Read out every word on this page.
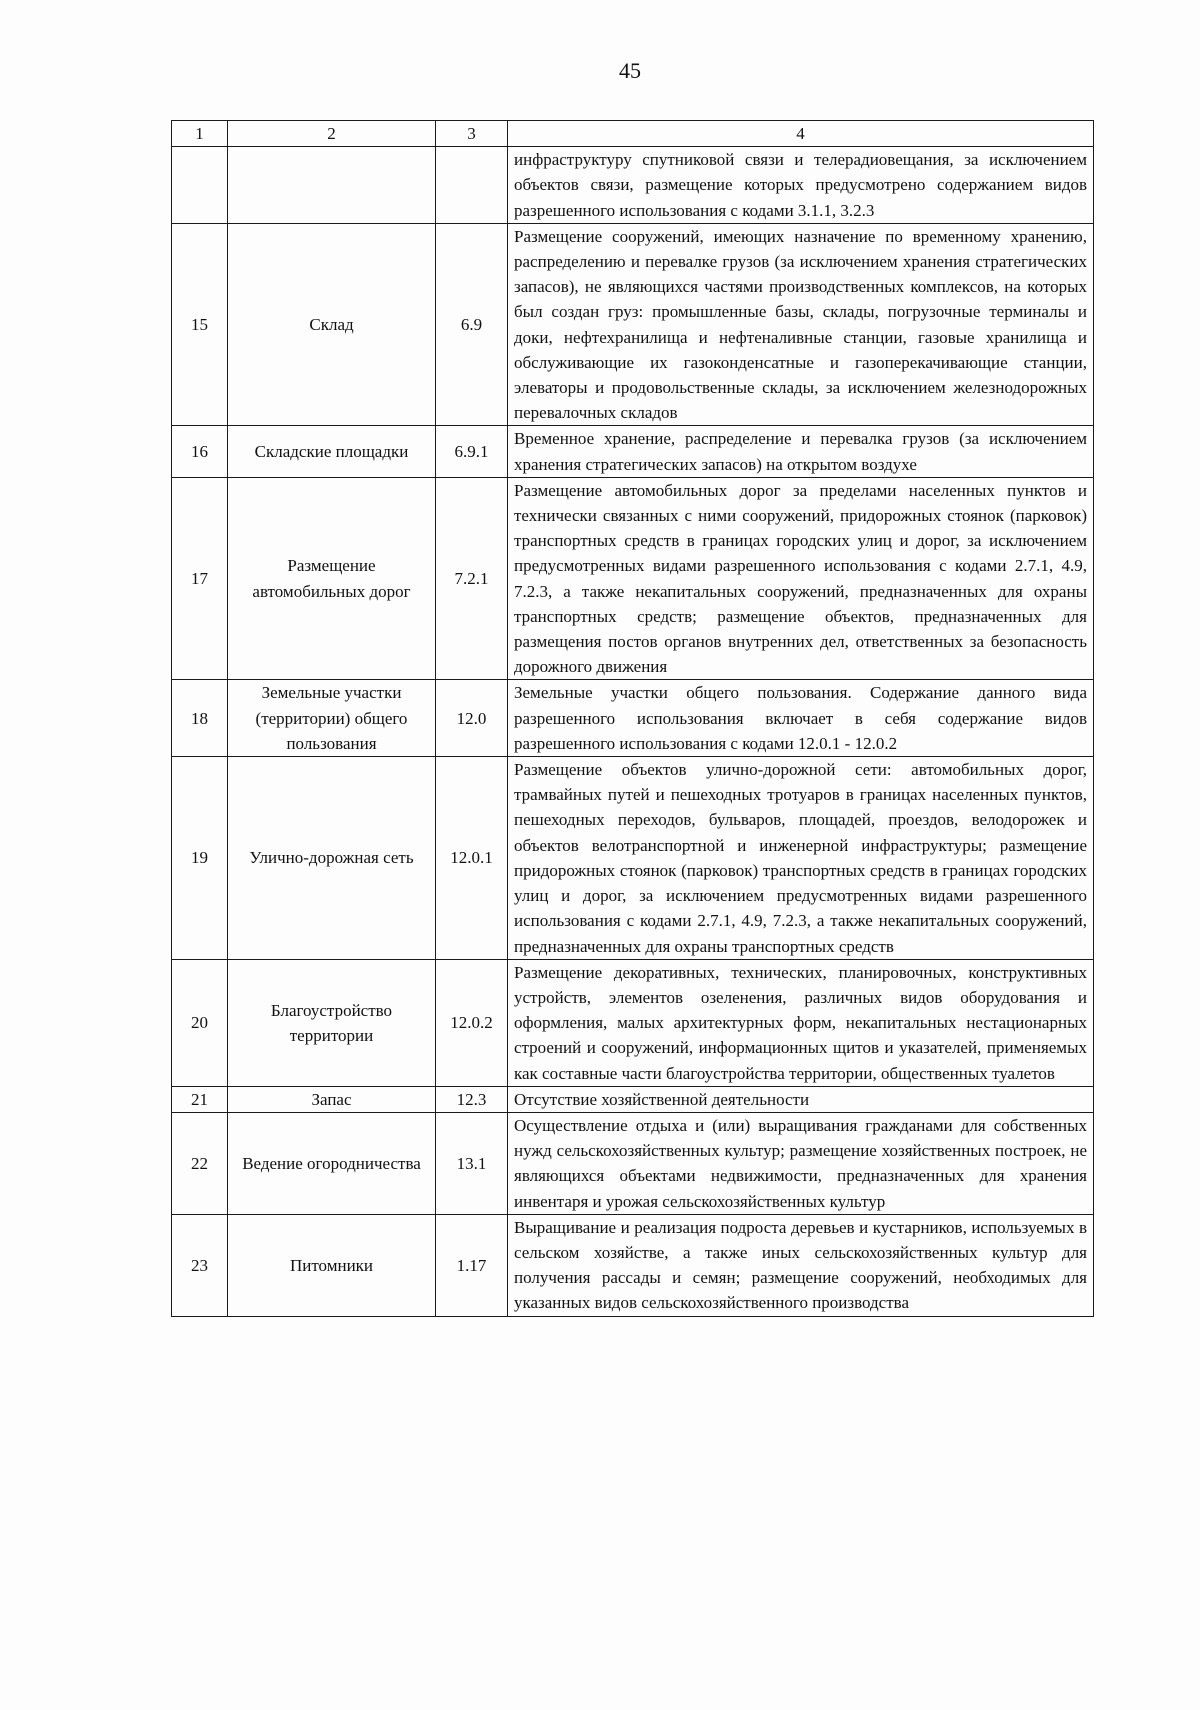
45
1	2	3	4
			инфраструктуру спутниковой связи и телерадиовещания, за исключением объектов связи, размещение которых предусмотрено содержанием видов разрешенного использования с кодами 3.1.1, 3.2.3
15	Склад	6.9	Размещение сооружений, имеющих назначение по временному хранению, распределению и перевалке грузов (за исключением хранения стратегических запасов), не являющихся частями производственных комплексов, на которых был создан груз: промышленные базы, склады, погрузочные терминалы и доки, нефтехранилища и нефтеналивные станции, газовые хранилища и обслуживающие их газоконденсатные и газоперекачивающие станции, элеваторы и продовольственные склады, за исключением железнодорожных перевалочных складов
16	Складские площадки	6.9.1	Временное хранение, распределение и перевалка грузов (за исключением хранения стратегических запасов) на открытом воздухе
17	Размещение автомобильных дорог	7.2.1	Размещение автомобильных дорог за пределами населенных пунктов и технически связанных с ними сооружений, придорожных стоянок (парковок) транспортных средств в границах городских улиц и дорог, за исключением предусмотренных видами разрешенного использования с кодами 2.7.1, 4.9, 7.2.3, а также некапитальных сооружений, предназначенных для охраны транспортных средств; размещение объектов, предназначенных для размещения постов органов внутренних дел, ответственных за безопасность дорожного движения
18	Земельные участки (территории) общего пользования	12.0	Земельные участки общего пользования. Содержание данного вида разрешенного использования включает в себя содержание видов разрешенного использования с кодами 12.0.1 - 12.0.2
19	Улично-дорожная сеть	12.0.1	Размещение объектов улично-дорожной сети: автомобильных дорог, трамвайных путей и пешеходных тротуаров в границах населенных пунктов, пешеходных переходов, бульваров, площадей, проездов, велодорожек и объектов велотранспортной и инженерной инфраструктуры; размещение придорожных стоянок (парковок) транспортных средств в границах городских улиц и дорог, за исключением предусмотренных видами разрешенного использования с кодами 2.7.1, 4.9, 7.2.3, а также некапитальных сооружений, предназначенных для охраны транспортных средств
20	Благоустройство территории	12.0.2	Размещение декоративных, технических, планировочных, конструктивных устройств, элементов озеленения, различных видов оборудования и оформления, малых архитектурных форм, некапитальных нестационарных строений и сооружений, информационных щитов и указателей, применяемых как составные части благоустройства территории, общественных туалетов
21	Запас	12.3	Отсутствие хозяйственной деятельности
22	Ведение огородничества	13.1	Осуществление отдыха и (или) выращивания гражданами для собственных нужд сельскохозяйственных культур; размещение хозяйственных построек, не являющихся объектами недвижимости, предназначенных для хранения инвентаря и урожая сельскохозяйственных культур
23	Питомники	1.17	Выращивание и реализация подроста деревьев и кустарников, используемых в сельском хозяйстве, а также иных сельскохозяйственных культур для получения рассады и семян; размещение сооружений, необходимых для указанных видов сельскохозяйственного производства
